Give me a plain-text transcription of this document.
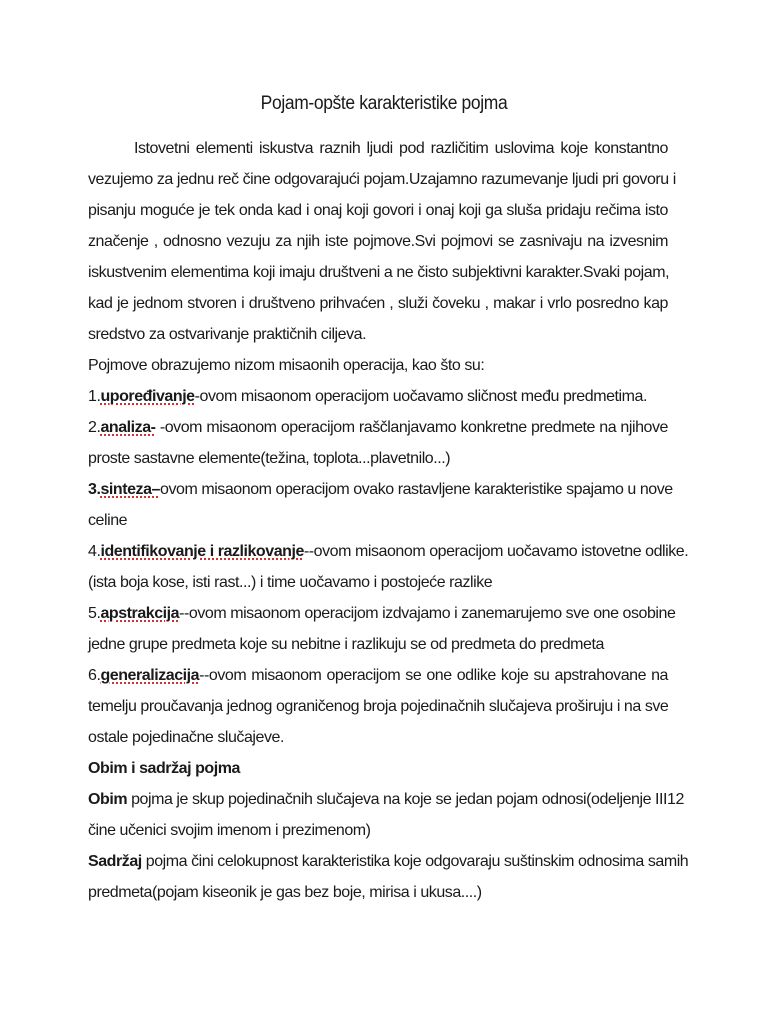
Pojam-opšte karakteristike pojma
Istovetni elementi iskustva raznih ljudi pod različitim uslovima koje konstantno
vezujemo za jednu reč čine odgovarajući pojam.Uzajamno razumevanje ljudi pri govoru i
pisanju moguće je tek onda kad i onaj koji govori i onaj koji ga sluša pridaju rečima isto
značenje , odnosno vezuju za njih iste pojmove.Svi pojmovi se zasnivaju na izvesnim
iskustvenim elementima koji imaju društveni a ne čisto subjektivni karakter.Svaki pojam,
kad je jednom stvoren i društveno prihvaćen , služi čoveku , makar i vrlo posredno kap
sredstvo za ostvarivanje praktičnih ciljeva.
Pojmove obrazujemo nizom misaonih operacija, kao što su:
1.upoređivanje-ovom misaonom operacijom uočavamo sličnost među predmetima.
2.analiza- -ovom misaonom operacijom raščlanjavamo konkretne predmete na njihove
proste sastavne elemente(težina, toplota...plavetnilo...)
3.sinteza–ovom misaonom operacijom ovako rastavljene karakteristike spajamo u nove
celine
4.identifikovanje i razlikovanje--ovom misaonom operacijom uočavamo istovetne odlike.
(ista boja kose, isti rast...) i time uočavamo i postojeće razlike
5.apstrakcija--ovom misaonom operacijom izdvajamo i zanemarujemo sve one osobine
jedne grupe predmeta koje su nebitne i razlikuju se od predmeta do predmeta
6.generalizacija--ovom misaonom operacijom se one odlike koje su apstrahovane na
temelju proučavanja jednog ograničenog broja pojedinačnih slučajeva proširuju i na sve
ostale pojedinačne slučajeve.
Obim i sadržaj pojma
Obim pojma je skup pojedinačnih slučajeva na koje se jedan pojam odnosi(odeljenje III12
čine učenici svojim imenom i prezimenom)
Sadržaj pojma čini celokupnost karakteristika koje odgovaraju suštinskim odnosima samih
predmeta(pojam kiseonik je gas bez boje, mirisa i ukusa....)
